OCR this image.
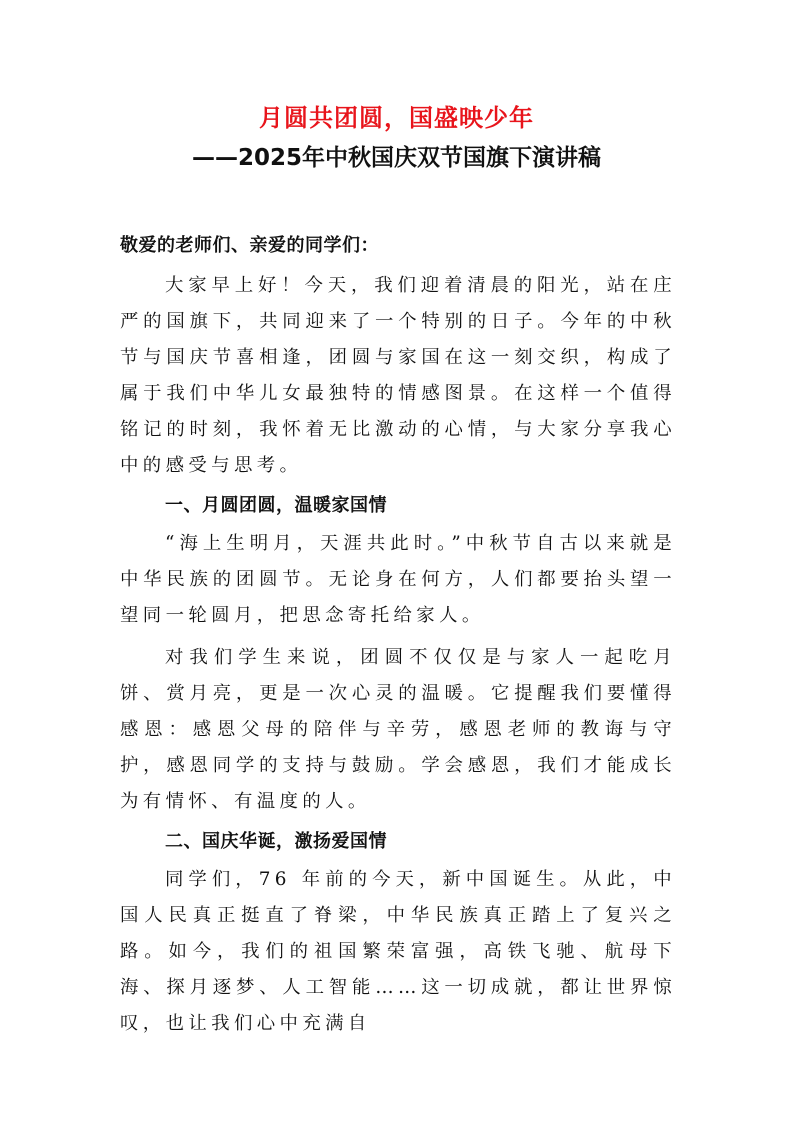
月圆共团圆，国盛映少年
——2025年中秋国庆双节国旗下演讲稿

敬爱的老师们、亲爱的同学们：

大家早上好！今天，我们迎着清晨的阳光，站在庄严的国旗下，共同迎来了一个特别的日子。今年的中秋节与国庆节喜相逢，团圆与家国在这一刻交织，构成了属于我们中华儿女最独特的情感图景。在这样一个值得铭记的时刻，我怀着无比激动的心情，与大家分享我心中的感受与思考。

一、月圆团圆，温暖家国情

“海上生明月，天涯共此时。”中秋节自古以来就是中华民族的团圆节。无论身在何方，人们都要抬头望一望同一轮圆月，把思念寄托给家人。

对我们学生来说，团圆不仅仅是与家人一起吃月饼、赏月亮，更是一次心灵的温暖。它提醒我们要懂得感恩：感恩父母的陪伴与辛劳，感恩老师的教诲与守护，感恩同学的支持与鼓励。学会感恩，我们才能成长为有情怀、有温度的人。

二、国庆华诞，激扬爱国情

同学们，76 年前的今天，新中国诞生。从此，中国人民真正挺直了脊梁，中华民族真正踏上了复兴之路。如今，我们的祖国繁荣富强，高铁飞驰、航母下海、探月逐梦、人工智能……这一切成就，都让世界惊叹，也让我们心中充满自
